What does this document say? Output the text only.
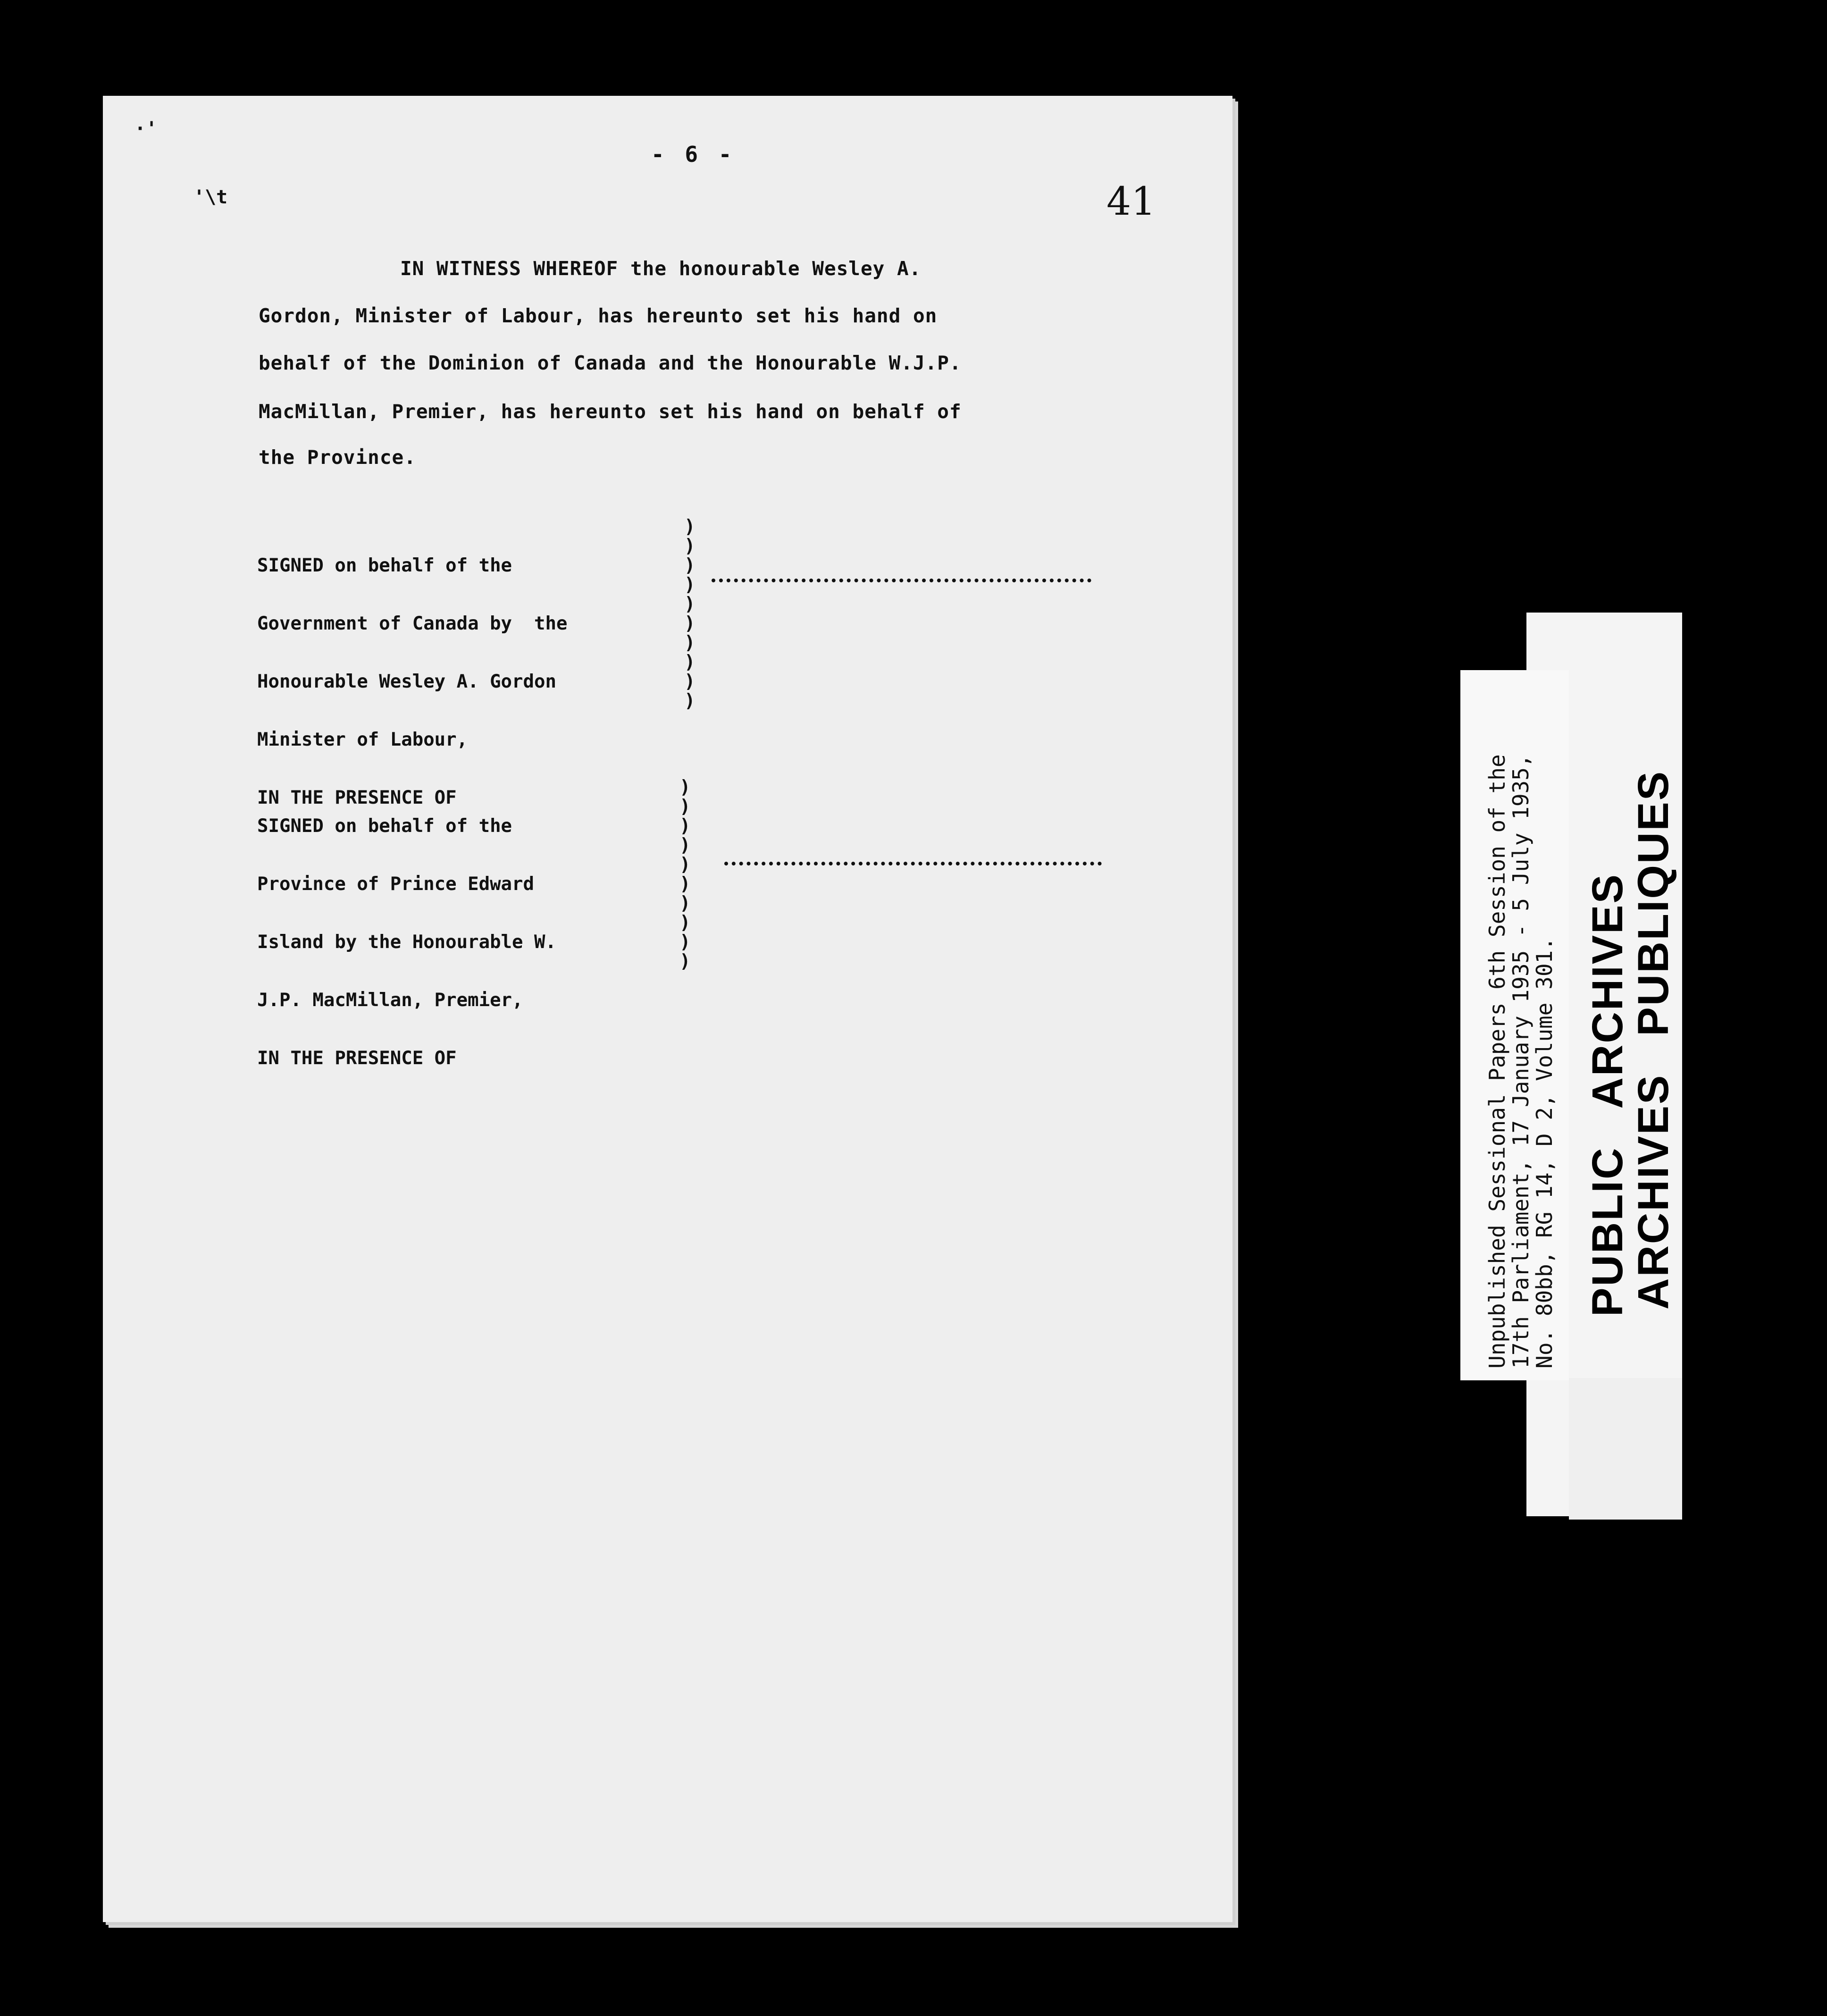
·'
'\t
- 6 -
41
IN WITNESS WHEREOF the honourable Wesley A.
Gordon, Minister of Labour, has hereunto set his hand on
behalf of the Dominion of Canada and the Honourable W.J.P.
MacMillan, Premier, has hereunto set his hand on behalf of
the Province.

SIGNED on behalf of the

Government of Canada by  the

Honourable Wesley A. Gordon

Minister of Labour,

IN THE PRESENCE OF

)
)
)
)
)
)
)
)
)
)

SIGNED on behalf of the

Province of Prince Edward

Island by the Honourable W.

J.P. MacMillan, Premier,

IN THE PRESENCE OF

)
)
)
)
)
)
)
)
)
)	Unpublished Sessional Papers 6th Session of the
17th Parliament, 17 January 1935 - 5 July 1935,
No. 80bb, RG 14, D 2, Volume 301. PUBLICARCHIVES
ARCHIVESPUBLIQUES
